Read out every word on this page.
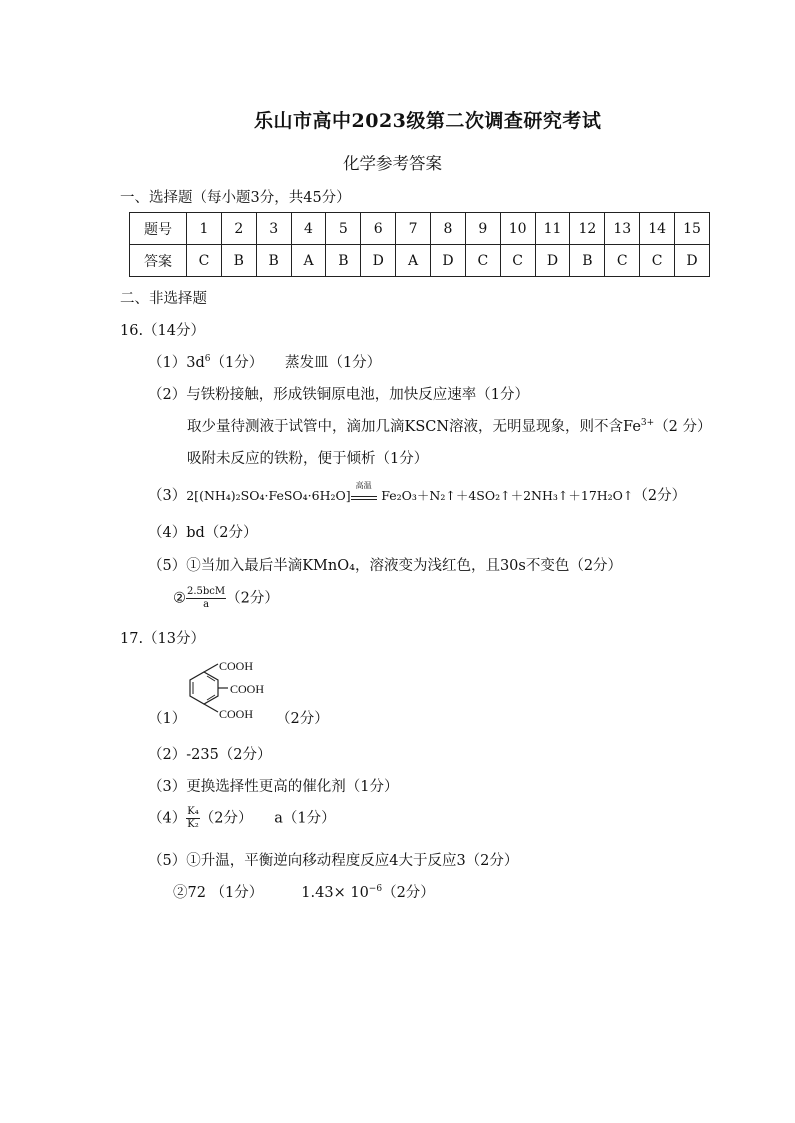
乐山市高中2023级第二次调查研究考试
化学参考答案
一、选择题（每小题3分，共45分）
题号	1	2	3	4	5	6	7	8	9	10	11	12	13	14	15
答案	C	B	B	A	B	D	A	D	C	C	D	B	C	C	D
二、非选择题
16.（14分）
$(1)3d^6(1$分）　　蒸发皿（1分）
（2）与铁粉接触，形成铁铜原电池，加快反应速率（1分）
取少量待测液于试管中，滴加几滴KSCN溶液，无明显现象，则不含$Fe^{3+}(2$ 分）
吸附未反应的铁粉，便于倾析（1分）
（3）2[(NH₄)₂SO₄·FeSO₄·6H₂O]
高温
Fe₂O₃＋N₂↑＋4SO₂↑＋2NH₃↑＋17H₂O↑（2分）
（4）bd（2分）
（5）①当加入最后半滴KMnO₄，溶液变为浅红色，且30s不变色（2分）
② $\frac{\text{2.5bcM}}{a} (2$分）
17.（13分）
COOH
COOH
COOH
（1）	（2分）
（2）-235（2分）
（3）更换选择性更高的催化剂（1分）
$(4) \frac{\text{K₄}}{\text{K₂}} (2$分）　　a（1分）
（5）①升温，平衡逆向移动程度反应4大于反应3（2分）
②72 （1分）	$1.43\times 10^{-6}(2$分）
